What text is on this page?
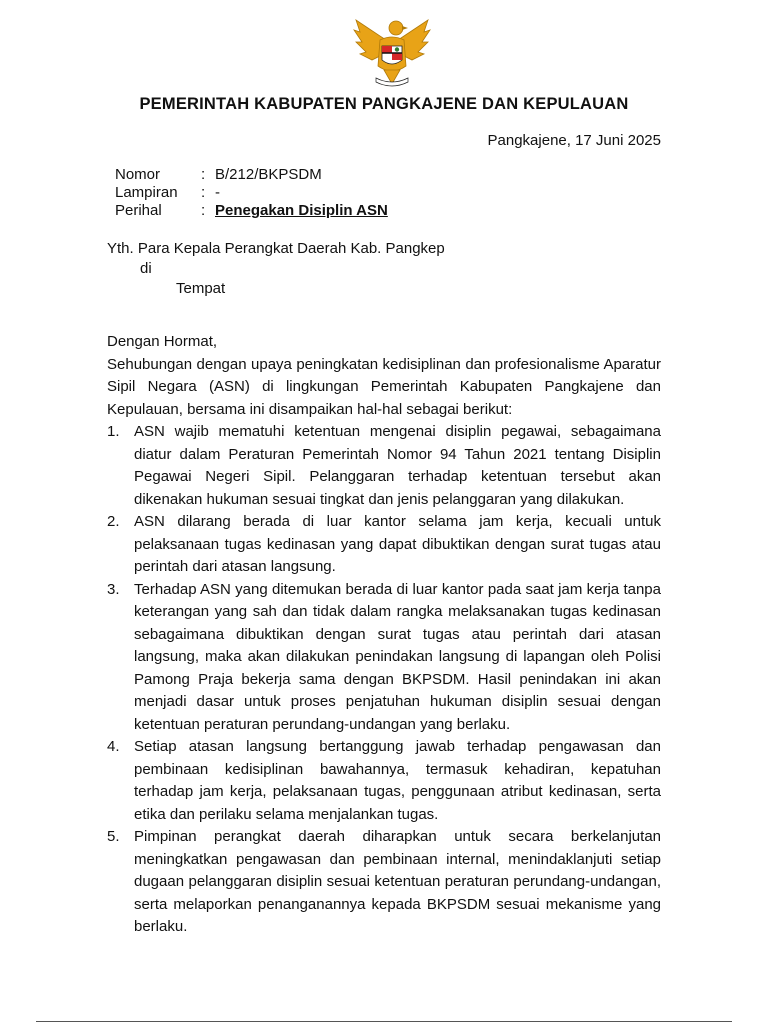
PEMERINTAH KABUPATEN PANGKAJENE DAN KEPULAUAN
Pangkajene, 17 Juni 2025
Nomor	: B/212/BKPSDM
Lampiran	: -
Perihal	: Penegakan Disiplin ASN
Yth. Para Kepala Perangkat Daerah Kab. Pangkep
di
Tempat

Dengan Hormat,

Sehubungan dengan upaya peningkatan kedisiplinan dan profesionalisme Aparatur Sipil Negara (ASN) di lingkungan Pemerintah Kabupaten Pangkajene dan Kepulauan, bersama ini disampaikan hal-hal sebagai berikut:

1. ASN wajib mematuhi ketentuan mengenai disiplin pegawai, sebagaimana diatur dalam Peraturan Pemerintah Nomor 94 Tahun 2021 tentang Disiplin Pegawai Negeri Sipil. Pelanggaran terhadap ketentuan tersebut akan dikenakan hukuman sesuai tingkat dan jenis pelanggaran yang dilakukan.
2. ASN dilarang berada di luar kantor selama jam kerja, kecuali untuk pelaksanaan tugas kedinasan yang dapat dibuktikan dengan surat tugas atau perintah dari atasan langsung.
3. Terhadap ASN yang ditemukan berada di luar kantor pada saat jam kerja tanpa keterangan yang sah dan tidak dalam rangka melaksanakan tugas kedinasan sebagaimana dibuktikan dengan surat tugas atau perintah dari atasan langsung, maka akan dilakukan penindakan langsung di lapangan oleh Polisi Pamong Praja bekerja sama dengan BKPSDM. Hasil penindakan ini akan menjadi dasar untuk proses penjatuhan hukuman disiplin sesuai dengan ketentuan peraturan perundang-undangan yang berlaku.
4. Setiap atasan langsung bertanggung jawab terhadap pengawasan dan pembinaan kedisiplinan bawahannya, termasuk kehadiran, kepatuhan terhadap jam kerja, pelaksanaan tugas, penggunaan atribut kedinasan, serta etika dan perilaku selama menjalankan tugas.
5. Pimpinan perangkat daerah diharapkan untuk secara berkelanjutan meningkatkan pengawasan dan pembinaan internal, menindaklanjuti setiap dugaan pelanggaran disiplin sesuai ketentuan peraturan perundang-undangan, serta melaporkan penanganannya kepada BKPSDM sesuai mekanisme yang berlaku.
